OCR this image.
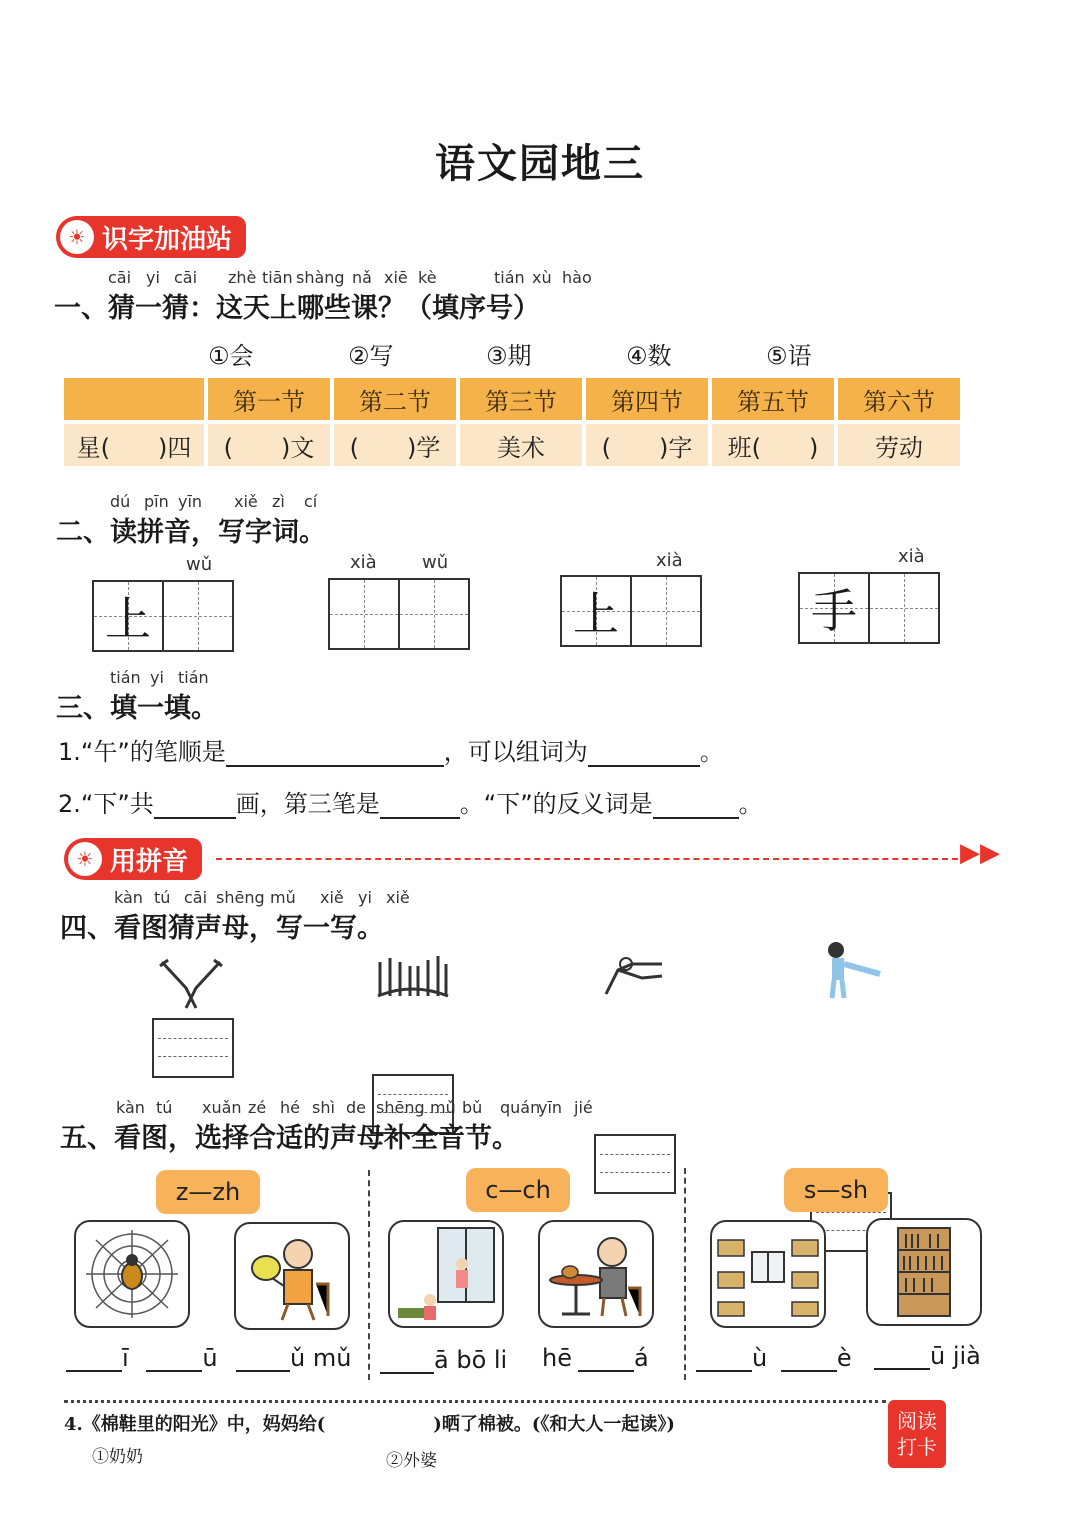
语文园地三
☀ 识字加油站
cāi yi cāi zhè tiān shàng nǎ xiē kè	tián xù hào
一、猜一猜：这天上哪些课？（填序号）
①会	②写	③期	④数	⑤语
	第一节	第二节	第三节	第四节	第五节	第六节
星(　　)四	(　　)文	(　　)学	美术	(　　)字	班(　　)	劳动
dú pīn yīn xiě zì cí
二、读拼音，写字词。
wǔ
上
xià	wǔ	xià
上
xià
手
tián yi tián
三、填一填。
1.“午”的笔顺是	，可以组词为	。
2.“下”共	画，第三笔是	。“下”的反义词是	。
☀ 用拼音	▶▶
kàn tú cāi shēng mǔ xiě yi xiě
四、看图猜声母，写一写。
kàn tú xuǎn zé hé shì de shēng mǔ bǔ quán
yīn jié
五、看图，选择合适的声母补全音节。
z—zh	c—ch	s—sh
ī	ū	ǔ mǔ	ā bō li hē	á	ù	è	ū jià
4.《棉鞋里的阳光》中，妈妈给(　　　　　　)晒了棉被。(《和大人一起读》)
①奶奶	②外婆
阅读
打卡
